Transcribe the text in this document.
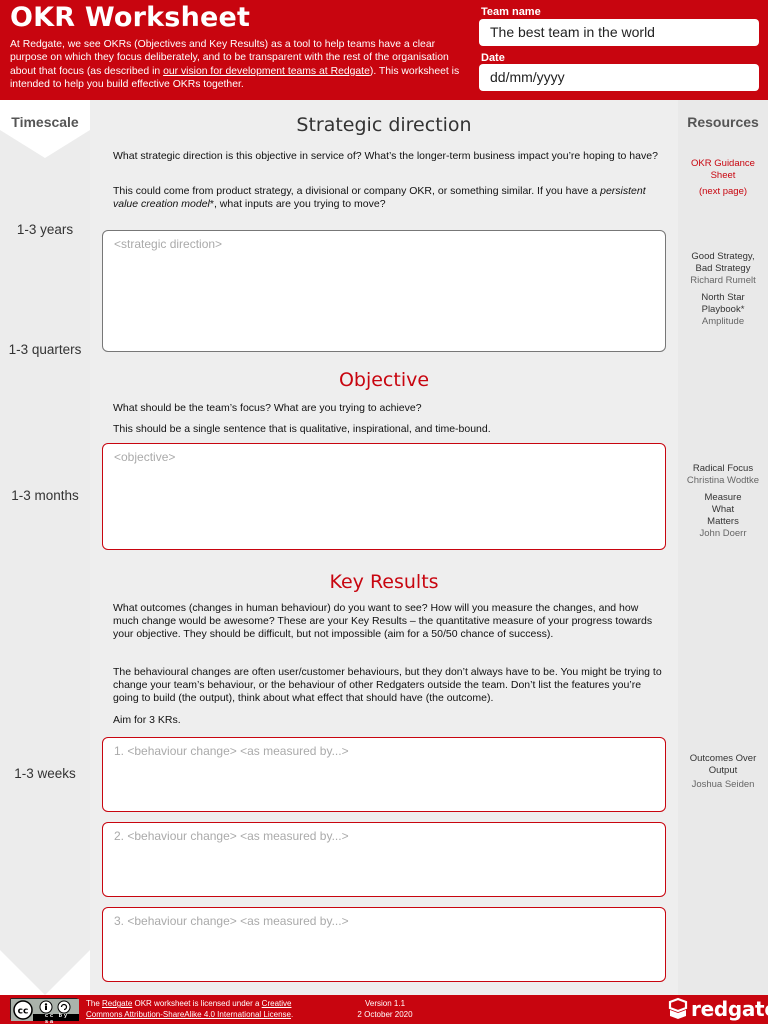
OKR Worksheet
At Redgate, we see OKRs (Objectives and Key Results) as a tool to help teams have a clear purpose on which they focus deliberately, and to be transparent with the rest of the organisation about that focus (as described in our vision for development teams at Redgate). This worksheet is intended to help you build effective OKRs together.
Team name
The best team in the world
Date
dd/mm/yyyy
Timescale
1-3 years
1-3 quarters
1-3 months
1-3 weeks
Resources
OKR Guidance Sheet
(next page)
Good Strategy, Bad Strategy
Richard Rumelt
North Star Playbook*
Amplitude
Radical Focus
Christina Wodtke
Measure What Matters
John Doerr
Outcomes Over Output
Joshua Seiden
Strategic direction
What strategic direction is this objective in service of? What’s the longer-term business impact you’re hoping to have?
This could come from product strategy, a divisional or company OKR, or something similar. If you have a persistent value creation model*, what inputs are you trying to move?
<strategic direction>
Objective
What should be the team’s focus? What are you trying to achieve?
This should be a single sentence that is qualitative, inspirational, and time-bound.
<objective>
Key Results
What outcomes (changes in human behaviour) do you want to see? How will you measure the changes, and how much change would be awesome? These are your Key Results – the quantitative measure of your progress towards your objective. They should be difficult, but not impossible (aim for a 50/50 chance of success).
The behavioural changes are often user/customer behaviours, but they don’t always have to be. You might be trying to change your team’s behaviour, or the behaviour of other Redgaters outside the team. Don’t list the features you’re going to build (the output), think about what effect that should have (the outcome).
Aim for 3 KRs.
1. <behaviour change> <as measured by...>
2. <behaviour change> <as measured by...>
3. <behaviour change> <as measured by...>
cc	cc by sa
The Redgate OKR worksheet is licensed under a Creative Commons Attribution-ShareAlike 4.0 International License.
Version 1.1
2 October 2020	redgate
